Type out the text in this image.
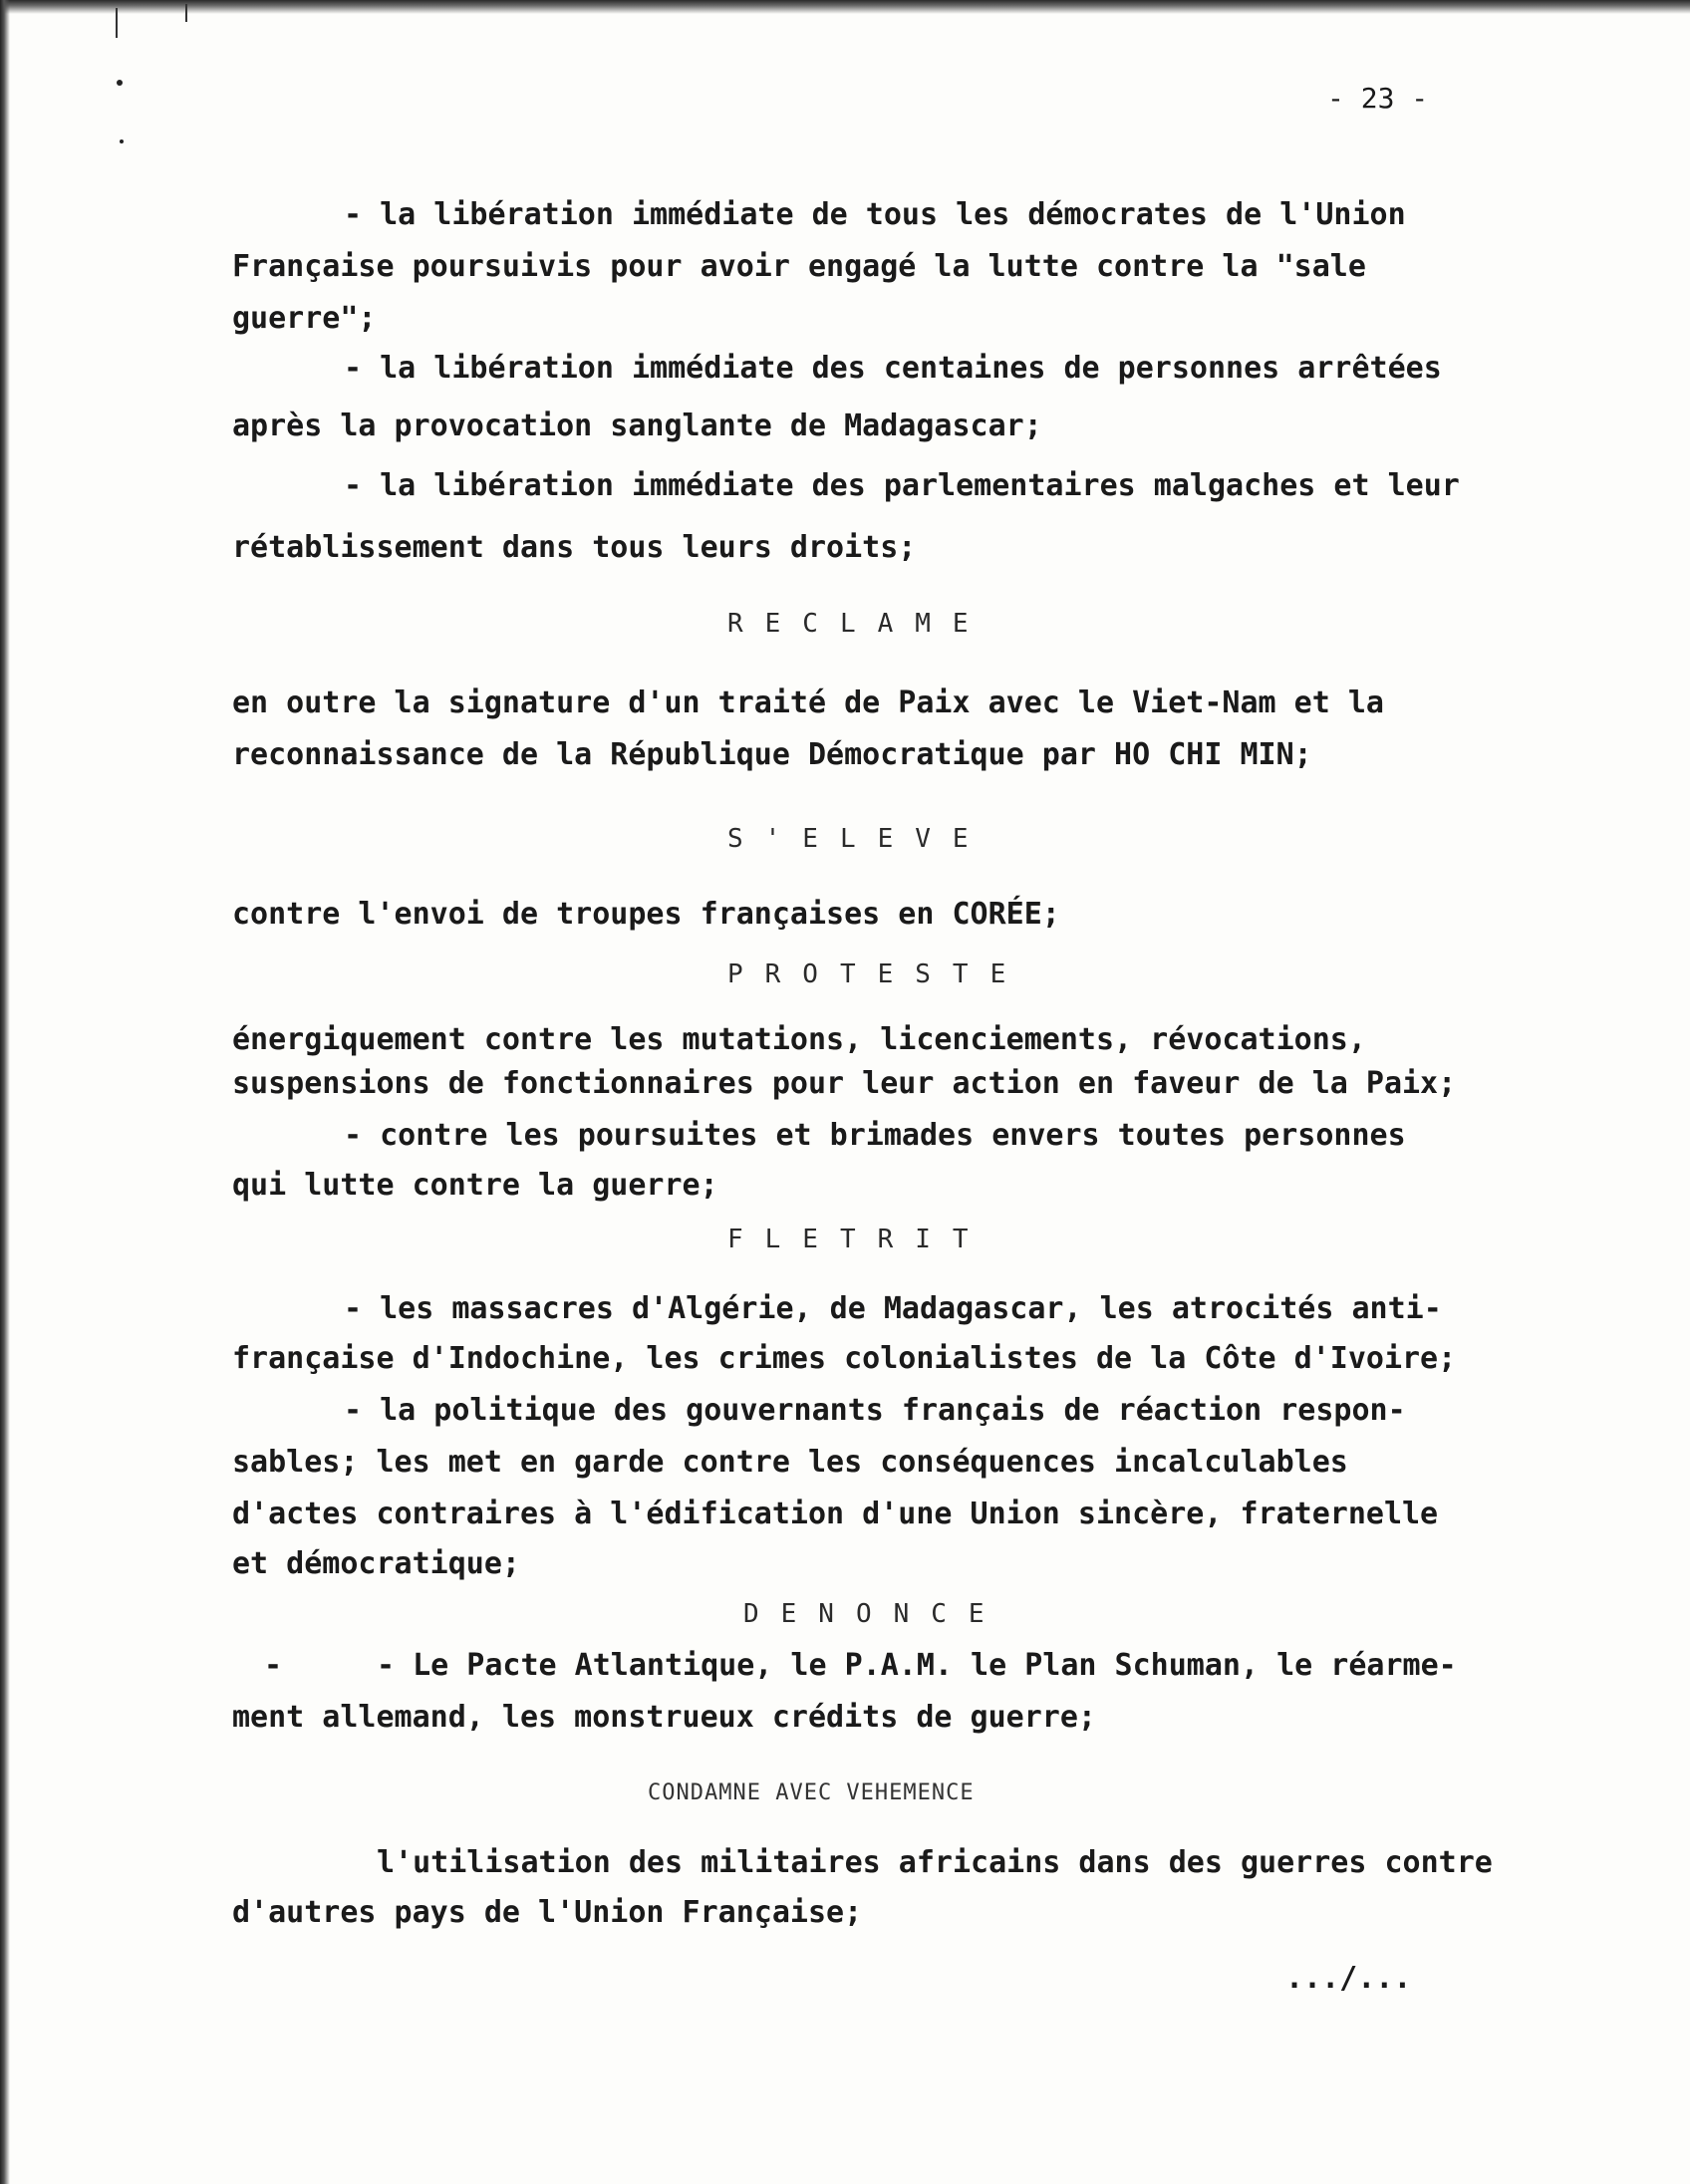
- 23 -
- la libération immédiate de tous les démocrates de l'Union
Française poursuivis pour avoir engagé la lutte contre la "sale
guerre";
- la libération immédiate des centaines de personnes arrêtées
après la provocation sanglante de Madagascar;
- la libération immédiate des parlementaires malgaches et leur
rétablissement dans tous leurs droits;
RECLAME
en outre la signature d'un traité de Paix avec le Viet-Nam et la
reconnaissance de la République Démocratique par HO CHI MIN;
S'ELEVE
contre l'envoi de troupes françaises en CORÉE;
PROTESTE
énergiquement contre les mutations, licenciements, révocations,
suspensions de fonctionnaires pour leur action en faveur de la Paix;
- contre les poursuites et brimades envers toutes personnes
qui lutte contre la guerre;
FLETRIT
- les massacres d'Algérie, de Madagascar, les atrocités anti-
française d'Indochine, les crimes colonialistes de la Côte d'Ivoire;
- la politique des gouvernants français de réaction respon-
sables; les met en garde contre les conséquences incalculables
d'actes contraires à l'édification d'une Union sincère, fraternelle
et démocratique;
DENONCE
-	- Le Pacte Atlantique, le P.A.M. le Plan Schuman, le réarme-
ment allemand, les monstrueux crédits de guerre;
CONDAMNE AVEC VEHEMENCE
l'utilisation des militaires africains dans des guerres contre
d'autres pays de l'Union Française;
.../...
